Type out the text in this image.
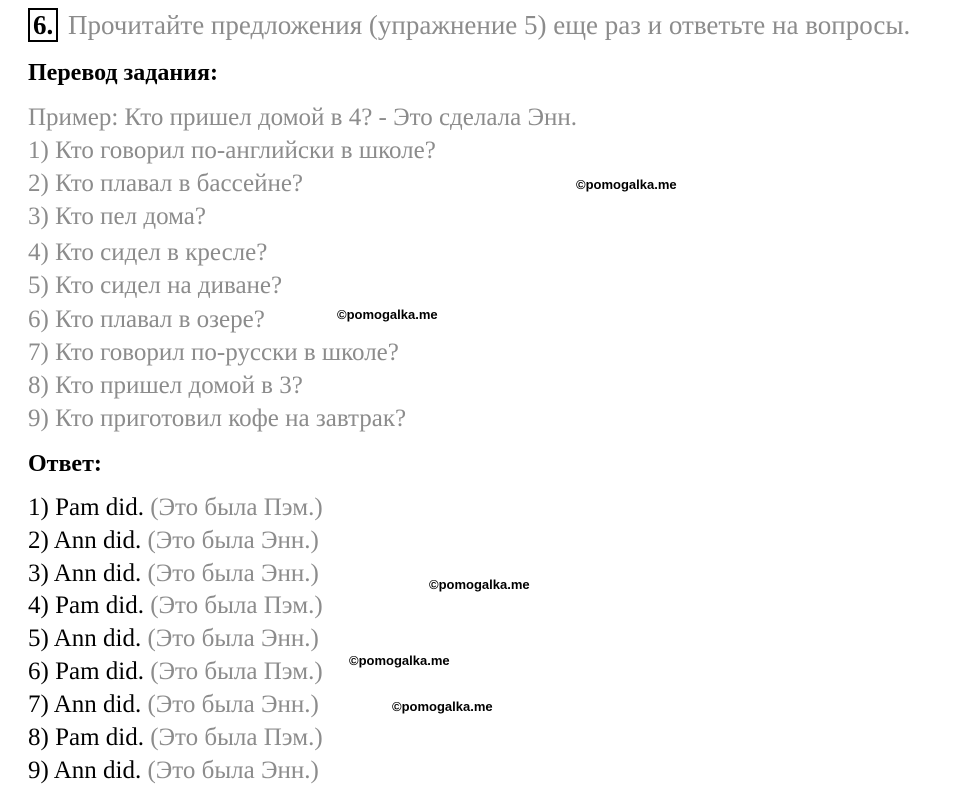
6. Прочитайте предложения (упражнение 5) еще раз и ответьте на вопросы.
Перевод задания:
Пример: Кто пришел домой в 4? - Это сделала Энн.
1) Кто говорил по-английски в школе?
2) Кто плавал в бассейне?
3) Кто пел дома?
4) Кто сидел в кресле?
5) Кто сидел на диване?
6) Кто плавал в озере?
7) Кто говорил по-русски в школе?
8) Кто пришел домой в 3?
9) Кто приготовил кофе на завтрак?
Ответ:
1) Pam did. (Это была Пэм.)
2) Ann did. (Это была Энн.)
3) Ann did. (Это была Энн.)
4) Pam did. (Это была Пэм.)
5) Ann did. (Это была Энн.)
6) Pam did. (Это была Пэм.)
7) Ann did. (Это была Энн.)
8) Pam did. (Это была Пэм.)
9) Ann did. (Это была Энн.)
©pomogalka.me
©pomogalka.me
©pomogalka.me
©pomogalka.me
©pomogalka.me
